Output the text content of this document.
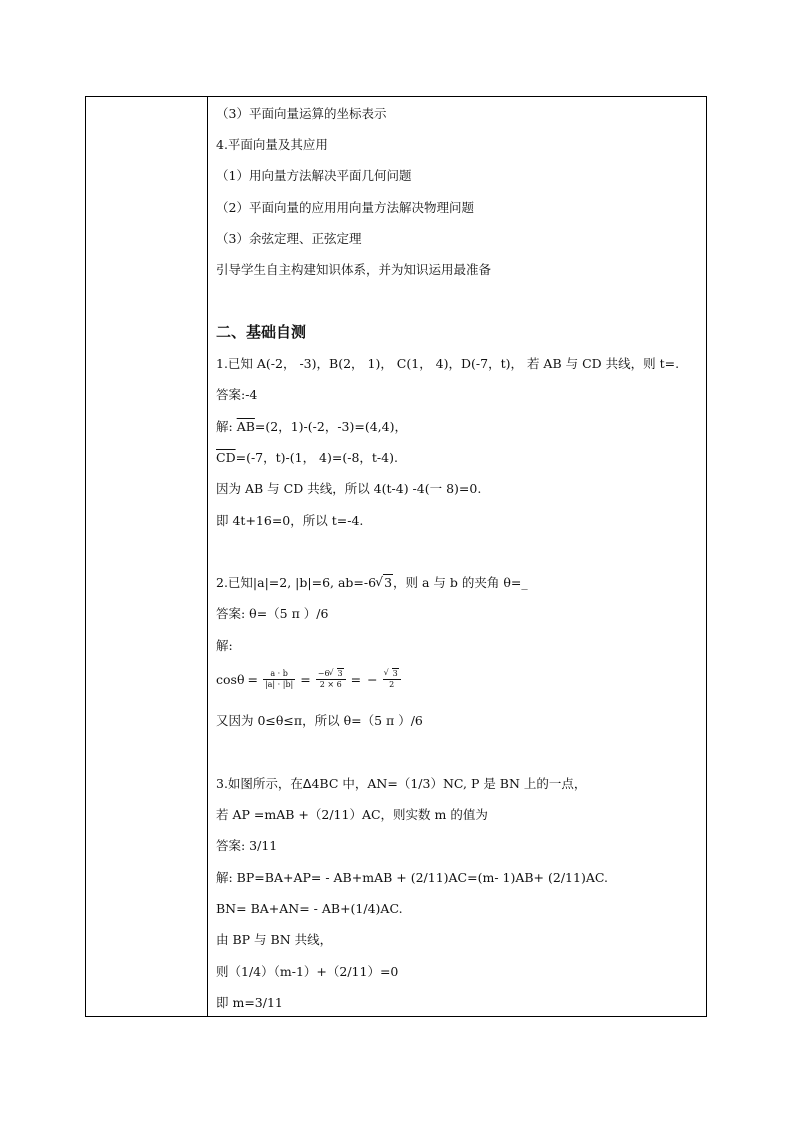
（3）平面向量运算的坐标表示
4.平面向量及其应用
（1）用向量方法解决平面几何问题
（2）平面向量的应用用向量方法解决物理问题
（3）余弦定理、正弦定理
引导学生自主构建知识体系，并为知识运用最准备
二、基础自测
1.已知 A(-2， -3)，B(2， 1)， C(1， 4)，D(-7，t)， 若 AB 与 CD 共线，则 t=.
答案:-4
解: $\overline{AB}=(2$，1)-(-2，-3)=(4,4)，
$\overline{CD}=(-7$，t)-(1， 4)=(-8，t-4).
因为 AB 与 CD 共线，所以 4(t-4) -4(一 8)=0.
即 4t+16=0，所以 t=-4.
2.已知|a|=2, |b|=6, ab=-6 √ 3，则 a 与 b 的夹角 θ=_
答案: θ=（5 π ）/6
解:
$\cos\theta = \frac{a \cdot b}{|a| \cdot |b|} = \frac{-6 √ 3}{2 \times 6}$ = − √ $\frac{3}{2}$
又因为 0≤θ≤π，所以 θ=（5 π ）/6
3.如图所示，在ᐃ4BC 中，AN=（1/3）NC, P 是 BN 上的一点，
若 AP =mAB +（2/11）AC，则实数 m 的值为
答案: 3/11
解: BP=BA+AP= - AB+mAB + (2/11)AC=(m- 1)AB+ (2/11)AC.
BN= BA+AN= - AB+(1/4)AC.
由 BP 与 BN 共线，
则（1/4）（m-1）+（2/11）=0
即 m=3/11
